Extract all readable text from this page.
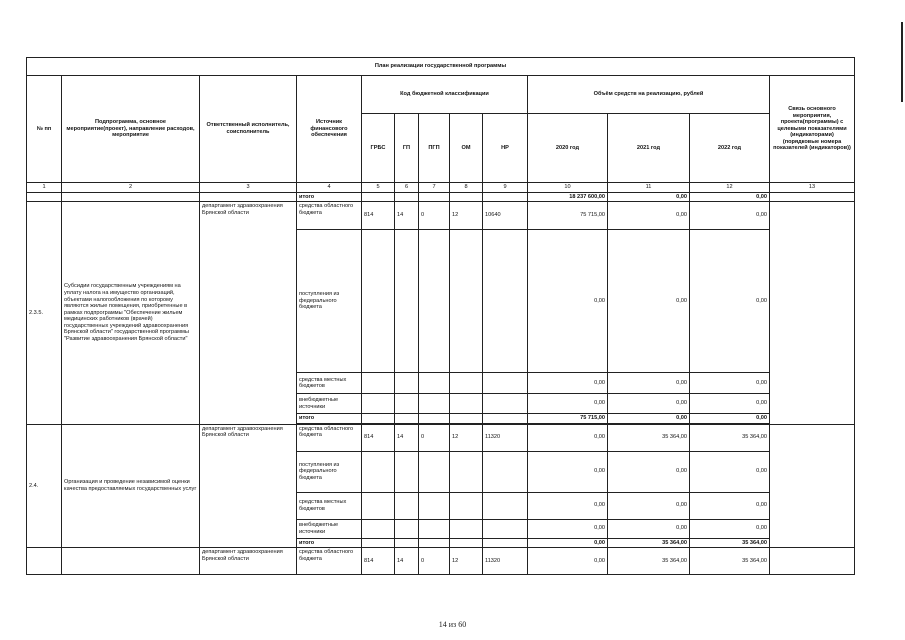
План реализации государственной программы												
№ пп	Подпрограмма, основное мероприятие(проект), направление расходов, мероприятие	Ответственный исполнитель, соисполнитель	Источник финансового обеспечения	Код бюджетной классификации					Объём средств на реализацию, рублей			Связь основного мероприятия, проекта(программы) с целевыми показателями (индикаторами) (порядковые номера показателей (индикаторов))
				ГРБС	ГП	ПГП	ОМ	НР	2020 год	2021 год	2022 год	
1	2	3	4	5	6	7	8	9	10	11	12	13
			итого						18 237 600,00	0,00	0,00	
2.3.5.	Субсидии государственным учреждениям на уплату налога на имущество организаций, объектами налогообложения по которому являются жилые помещения, приобретенные в рамках подпрограммы "Обеспечение жильем медицинских работников (врачей) государственных учреждений здравоохранения Брянской области" государственной программы "Развитие здравоохранения Брянской области"	департамент здравоохранения Брянской области	средства областного бюджета	814	14	0	12	10640	75 715,00	0,00	0,00	
			поступления из федерального бюджета						0,00	0,00	0,00	
			средства местных бюджетов						0,00	0,00	0,00	
			внебюджетные источники						0,00	0,00	0,00	
			итого						75 715,00	0,00	0,00	

2.4.	Организация и проведение независимой оценки качества предоставляемых государственных услуг	департамент здравоохранения Брянской области	средства областного бюджета	814	14	0	12	11320	0,00	35 364,00	35 364,00	
			поступления из федерального бюджета						0,00	0,00	0,00	
			средства местных бюджетов						0,00	0,00	0,00	
			внебюджетные источники						0,00	0,00	0,00	
			итого						0,00	35 364,00	35 364,00	
		департамент здравоохранения Брянской области	средства областного бюджета	814	14	0	12	11320	0,00	35 364,00	35 364,00	
14 из 60
